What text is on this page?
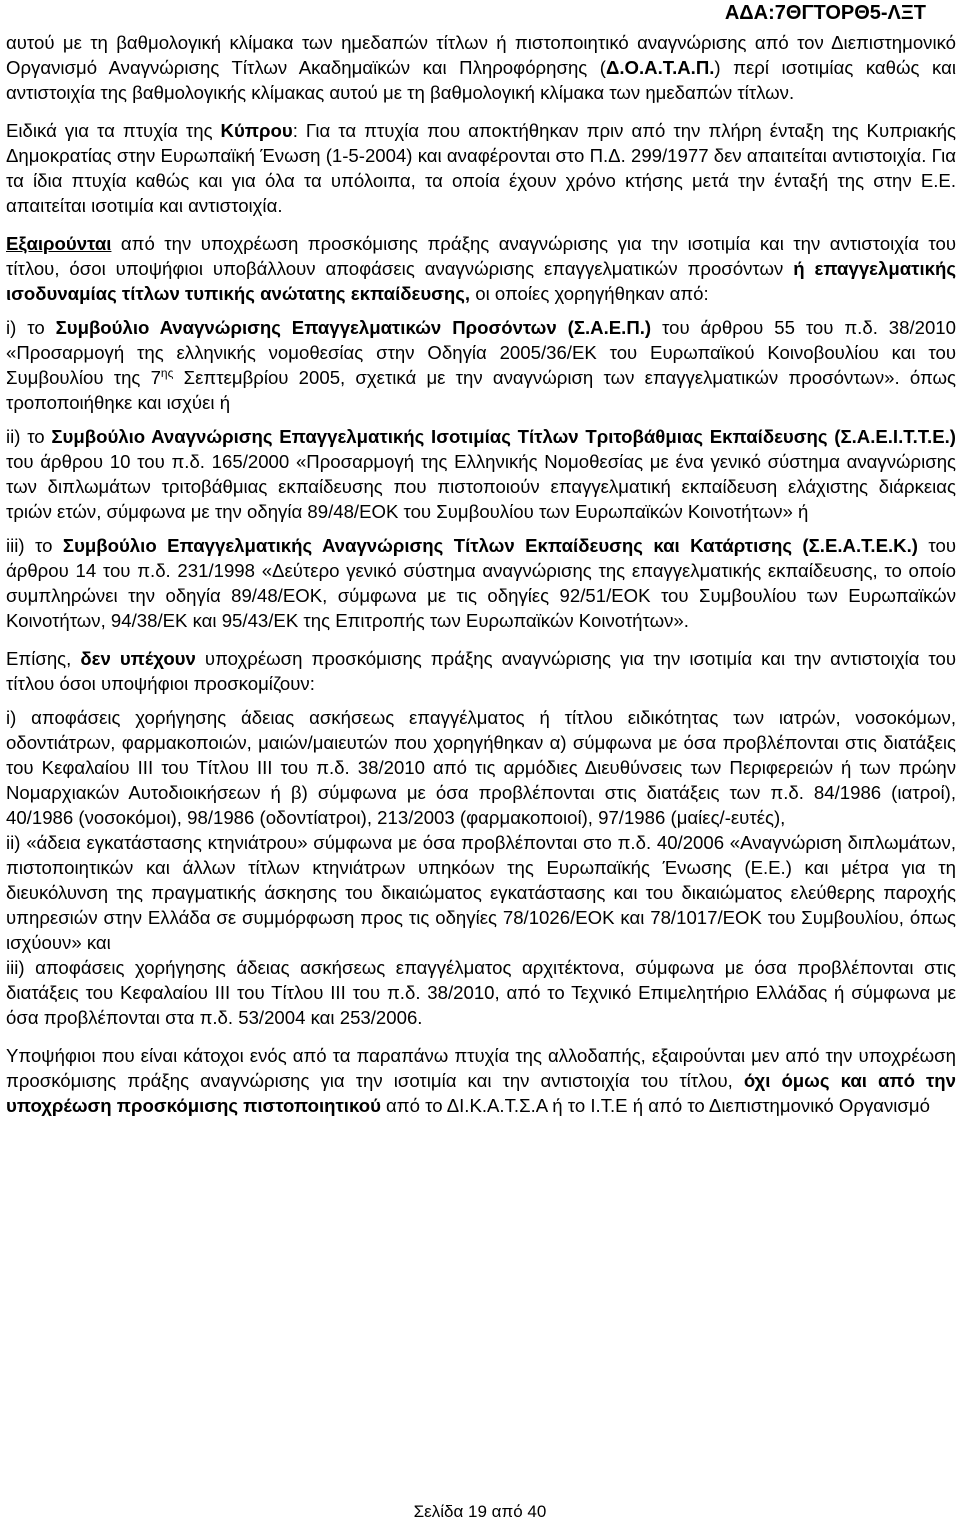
ΑΔΑ:7ΘΓΤΟΡΘ5-ΛΞΤ

αυτού με τη βαθμολογική κλίμακα των ημεδαπών τίτλων ή πιστοποιητικό αναγνώρισης από τον Διεπιστημονικό Οργανισμό Αναγνώρισης Τίτλων Ακαδημαϊκών και Πληροφόρησης (Δ.Ο.Α.Τ.Α.Π.) περί ισοτιμίας καθώς και αντιστοιχία της βαθμολογικής κλίμακας αυτού με τη βαθμολογική κλίμακα των ημεδαπών τίτλων.

Ειδικά για τα πτυχία της Κύπρου: Για τα πτυχία που αποκτήθηκαν πριν από την πλήρη ένταξη της Κυπριακής Δημοκρατίας στην Ευρωπαϊκή Ένωση (1-5-2004) και αναφέρονται στο Π.Δ. 299/1977 δεν απαιτείται αντιστοιχία. Για τα ίδια πτυχία καθώς και για όλα τα υπόλοιπα, τα οποία έχουν χρόνο κτήσης μετά την ένταξή της στην Ε.Ε. απαιτείται ισοτιμία και αντιστοιχία.

Εξαιρούνται από την υποχρέωση προσκόμισης πράξης αναγνώρισης για την ισοτιμία και την αντιστοιχία του τίτλου, όσοι υποψήφιοι υποβάλλουν αποφάσεις αναγνώρισης επαγγελματικών προσόντων ή επαγγελματικής ισοδυναμίας τίτλων τυπικής ανώτατης εκπαίδευσης, οι οποίες χορηγήθηκαν από:

i) το Συμβούλιο Αναγνώρισης Επαγγελματικών Προσόντων (Σ.Α.Ε.Π.) του άρθρου 55 του π.δ. 38/2010 «Προσαρμογή της ελληνικής νομοθεσίας στην Οδηγία 2005/36/ΕΚ του Ευρωπαϊκού Κοινοβουλίου και του Συμβουλίου της $7^{\eta\varsigma}$ Σεπτεμβρίου 2005, σχετικά με την αναγνώριση των επαγγελματικών προσόντων». όπως τροποποιήθηκε και ισχύει ή

ii) το Συμβούλιο Αναγνώρισης Επαγγελματικής Ισοτιμίας Τίτλων Τριτοβάθμιας Εκπαίδευσης (Σ.Α.Ε.Ι.Τ.Τ.Ε.) του άρθρου 10 του π.δ. 165/2000 «Προσαρμογή της Ελληνικής Νομοθεσίας με ένα γενικό σύστημα αναγνώρισης των διπλωμάτων τριτοβάθμιας εκπαίδευσης που πιστοποιούν επαγγελματική εκπαίδευση ελάχιστης διάρκειας τριών ετών, σύμφωνα με την οδηγία 89/48/ΕΟΚ του Συμβουλίου των Ευρωπαϊκών Κοινοτήτων» ή

iii) το Συμβούλιο Επαγγελματικής Αναγνώρισης Τίτλων Εκπαίδευσης και Κατάρτισης (Σ.Ε.Α.Τ.Ε.Κ.) του άρθρου 14 του π.δ. 231/1998 «Δεύτερο γενικό σύστημα αναγνώρισης της επαγγελματικής εκπαίδευσης, το οποίο συμπληρώνει την οδηγία 89/48/ΕΟΚ, σύμφωνα με τις οδηγίες 92/51/ΕΟΚ του Συμβουλίου των Ευρωπαϊκών Κοινοτήτων, 94/38/ΕΚ και 95/43/ΕΚ της Επιτροπής των Ευρωπαϊκών Κοινοτήτων».

Επίσης, δεν υπέχουν υποχρέωση προσκόμισης πράξης αναγνώρισης για την ισοτιμία και την αντιστοιχία του τίτλου όσοι υποψήφιοι προσκομίζουν:

i) αποφάσεις χορήγησης άδειας ασκήσεως επαγγέλματος ή τίτλου ειδικότητας των ιατρών, νοσοκόμων, οδοντιάτρων, φαρμακοποιών, μαιών/μαιευτών που χορηγήθηκαν α) σύμφωνα με όσα προβλέπονται στις διατάξεις του Κεφαλαίου ΙΙΙ του Τίτλου ΙΙΙ του π.δ. 38/2010 από τις αρμόδιες Διευθύνσεις των Περιφερειών ή των πρώην Νομαρχιακών Αυτοδιοικήσεων ή β) σύμφωνα με όσα προβλέπονται στις διατάξεις των π.δ. 84/1986 (ιατροί), 40/1986 (νοσοκόμοι), 98/1986 (οδοντίατροι), 213/2003 (φαρμακοποιοί), 97/1986 (μαίες/-ευτές),

ii) «άδεια εγκατάστασης κτηνιάτρου» σύμφωνα με όσα προβλέπονται στο π.δ. 40/2006 «Αναγνώριση διπλωμάτων, πιστοποιητικών και άλλων τίτλων κτηνιάτρων υπηκόων της Ευρωπαϊκής Ένωσης (Ε.Ε.) και μέτρα για τη διευκόλυνση της πραγματικής άσκησης του δικαιώματος εγκατάστασης και του δικαιώματος ελεύθερης παροχής υπηρεσιών στην Ελλάδα σε συμμόρφωση προς τις οδηγίες 78/1026/ΕΟΚ και 78/1017/ΕΟΚ του Συμβουλίου, όπως ισχύουν» και

iii) αποφάσεις χορήγησης άδειας ασκήσεως επαγγέλματος αρχιτέκτονα, σύμφωνα με όσα προβλέπονται στις διατάξεις του Κεφαλαίου ΙΙΙ του Τίτλου ΙΙΙ του π.δ. 38/2010, από το Τεχνικό Επιμελητήριο Ελλάδας ή σύμφωνα με όσα προβλέπονται στα π.δ. 53/2004 και 253/2006.

Υποψήφιοι που είναι κάτοχοι ενός από τα παραπάνω πτυχία της αλλοδαπής, εξαιρούνται μεν από την υποχρέωση προσκόμισης πράξης αναγνώρισης για την ισοτιμία και την αντιστοιχία του τίτλου, όχι όμως και από την υποχρέωση προσκόμισης πιστοποιητικού από το ΔΙ.Κ.Α.Τ.Σ.Α ή το Ι.Τ.Ε ή από το Διεπιστημονικό Οργανισμό

Σελίδα 19 από 40
